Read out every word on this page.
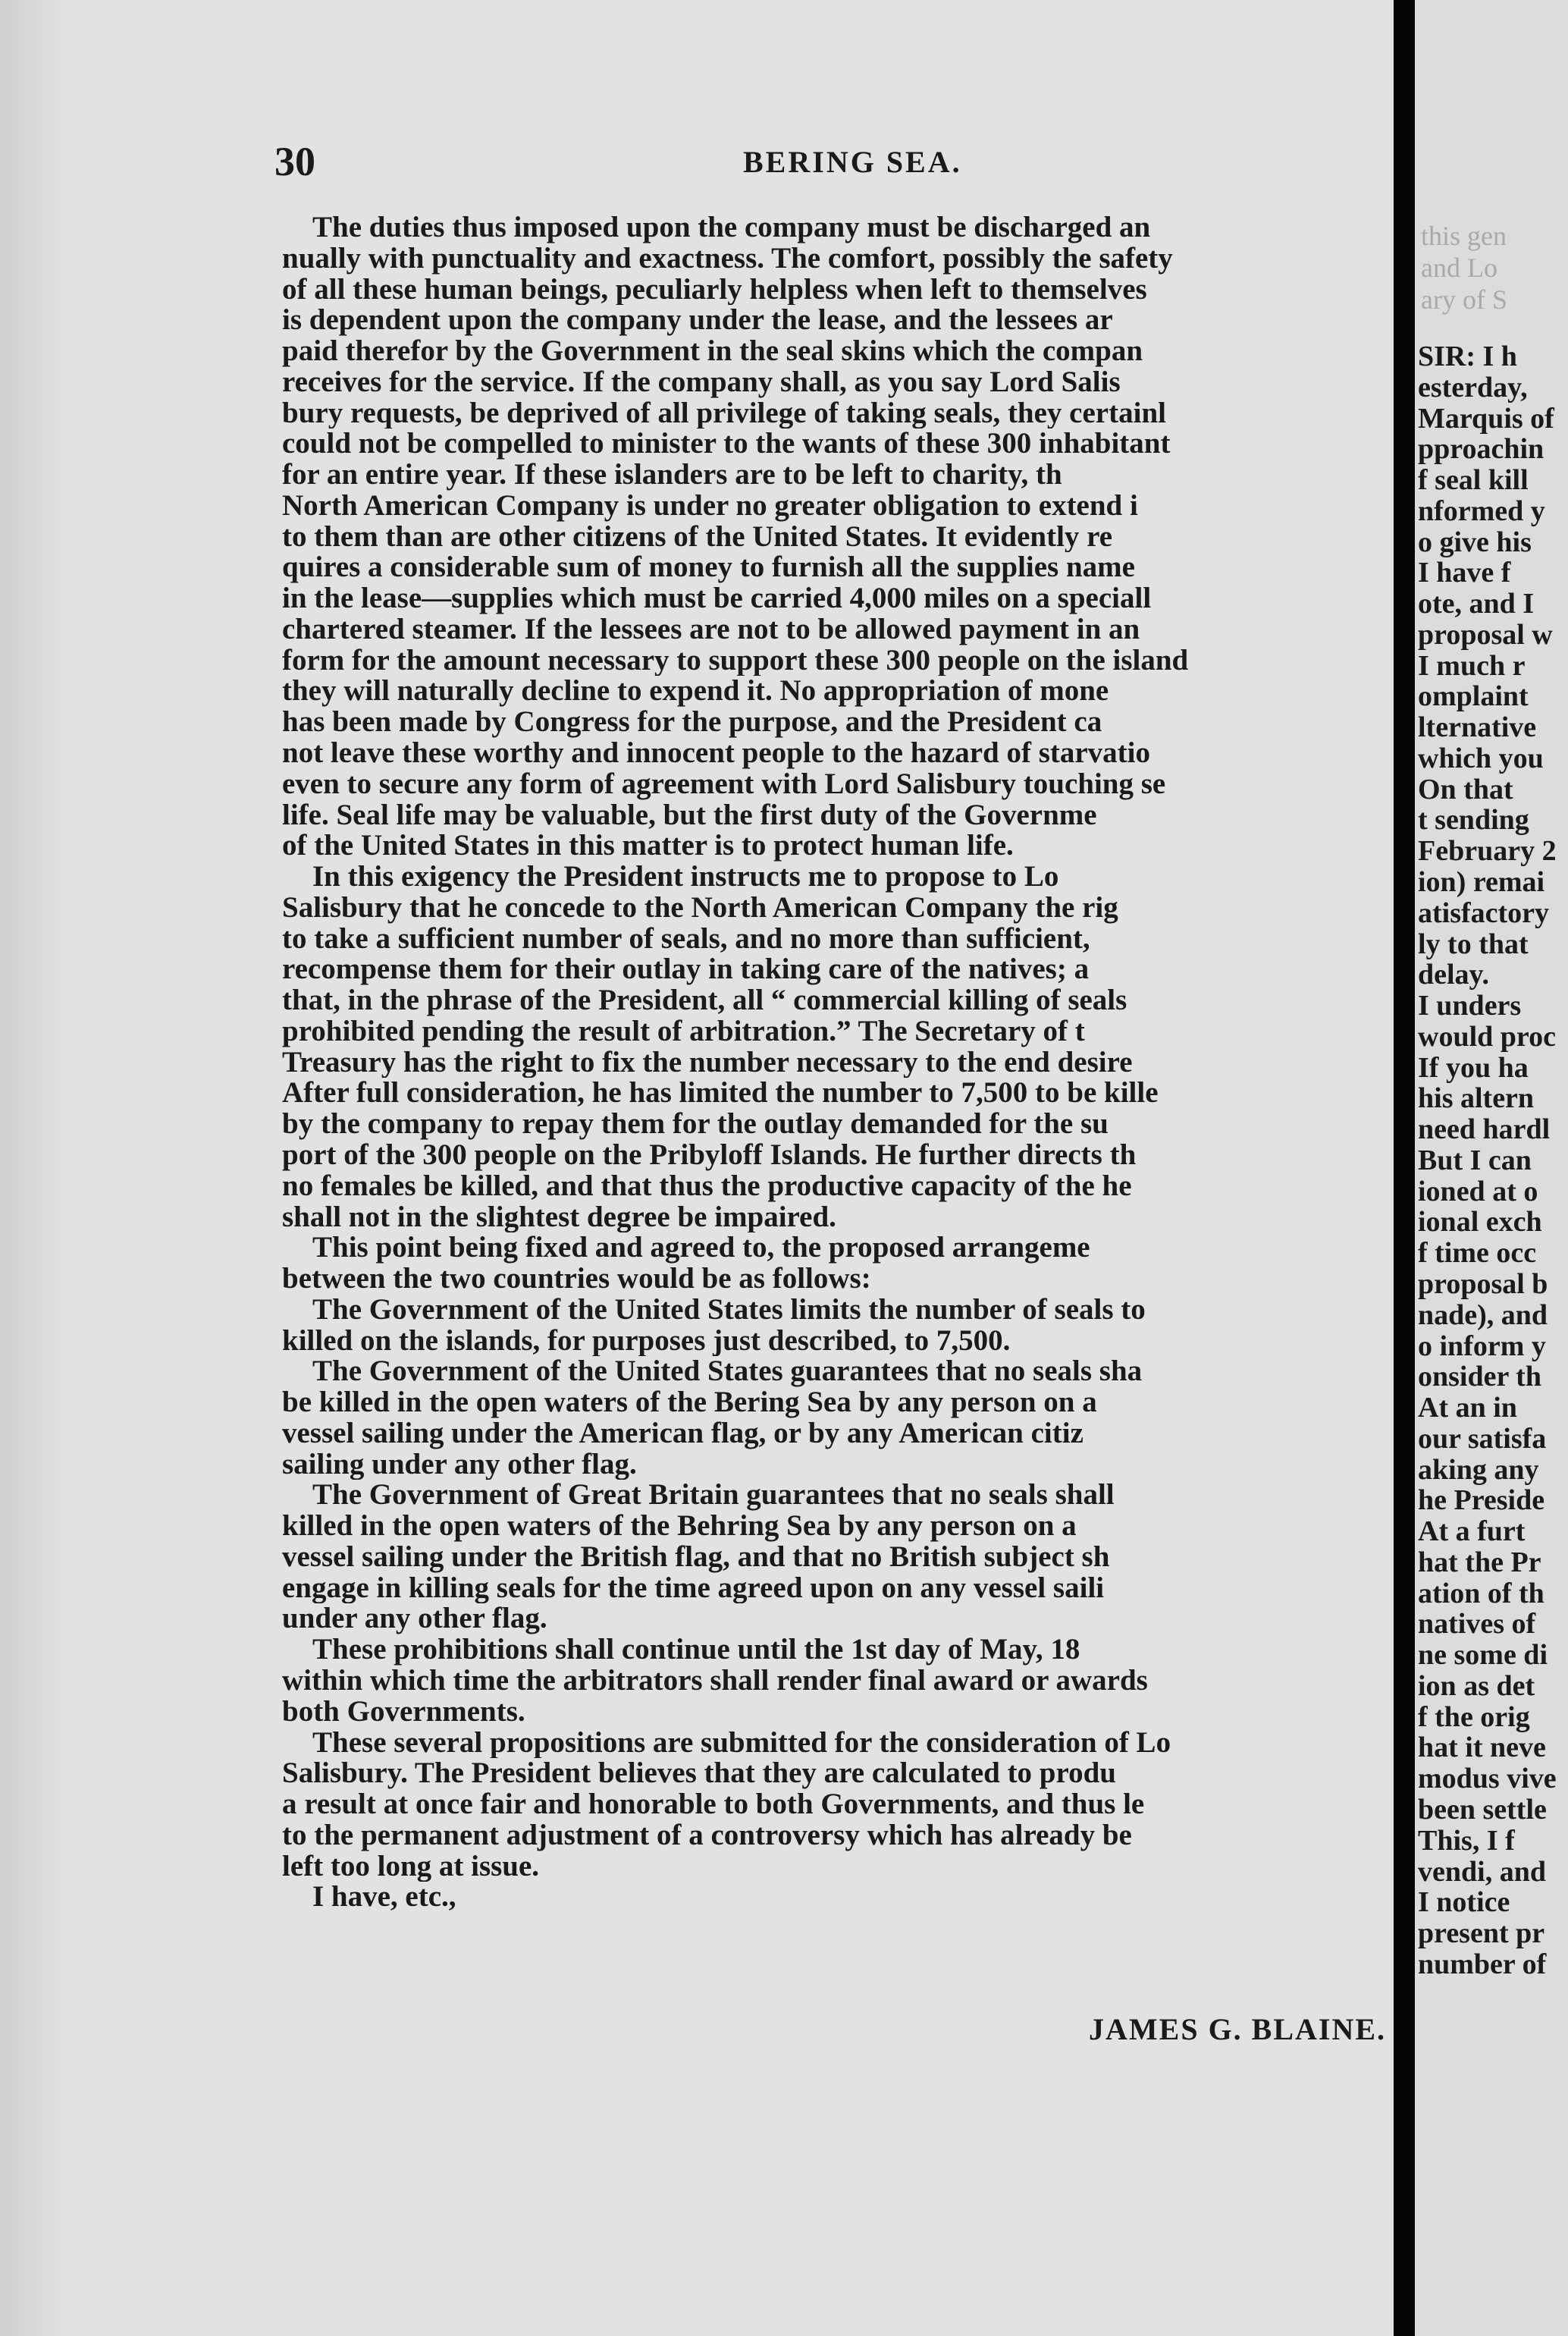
30	BERING SEA.

The duties thus imposed upon the company must be discharged an
nually with punctuality and exactness. The comfort, possibly the safety
of all these human beings, peculiarly helpless when left to themselves
is dependent upon the company under the lease, and the lessees ar
paid therefor by the Government in the seal skins which the compan
receives for the service. If the company shall, as you say Lord Salis
bury requests, be deprived of all privilege of taking seals, they certainl
could not be compelled to minister to the wants of these 300 inhabitant
for an entire year. If these islanders are to be left to charity, th
North American Company is under no greater obligation to extend i
to them than are other citizens of the United States. It evidently re
quires a considerable sum of money to furnish all the supplies name
in the lease—supplies which must be carried 4,000 miles on a speciall
chartered steamer. If the lessees are not to be allowed payment in an
form for the amount necessary to support these 300 people on the island
they will naturally decline to expend it. No appropriation of mone
has been made by Congress for the purpose, and the President ca
not leave these worthy and innocent people to the hazard of starvatio
even to secure any form of agreement with Lord Salisbury touching se
life. Seal life may be valuable, but the first duty of the Governme
of the United States in this matter is to protect human life.
In this exigency the President instructs me to propose to Lo
Salisbury that he concede to the North American Company the rig
to take a sufficient number of seals, and no more than sufficient,
recompense them for their outlay in taking care of the natives; a
that, in the phrase of the President, all “ commercial killing of seals
prohibited pending the result of arbitration.” The Secretary of t
Treasury has the right to fix the number necessary to the end desire
After full consideration, he has limited the number to 7,500 to be kille
by the company to repay them for the outlay demanded for the su
port of the 300 people on the Pribyloff Islands. He further directs th
no females be killed, and that thus the productive capacity of the he
shall not in the slightest degree be impaired.
This point being fixed and agreed to, the proposed arrangeme
between the two countries would be as follows:
The Government of the United States limits the number of seals to
killed on the islands, for purposes just described, to 7,500.
The Government of the United States guarantees that no seals sha
be killed in the open waters of the Bering Sea by any person on a
vessel sailing under the American flag, or by any American citiz
sailing under any other flag.
The Government of Great Britain guarantees that no seals shall
killed in the open waters of the Behring Sea by any person on a
vessel sailing under the British flag, and that no British subject sh
engage in killing seals for the time agreed upon on any vessel saili
under any other flag.
These prohibitions shall continue until the 1st day of May, 18
within which time the arbitrators shall render final award or awards
both Governments.
These several propositions are submitted for the consideration of Lo
Salisbury. The President believes that they are calculated to produ
a result at once fair and honorable to both Governments, and thus le
to the permanent adjustment of a controversy which has already be
left too long at issue.
I have, etc.,

JAMES G. BLAINE.

this gen
and Lo
ary of S
SIR: I h
esterday,
Marquis of
pproachin
f seal kill
nformed y
o give his
I have f
ote, and I
proposal w
I much r
omplaint
lternative
which you
On that
t sending
February 2
ion) remai
atisfactory
ly to that
delay.
I unders
would proc
If you ha
his altern
need hardl
But I can
ioned at o
ional exch
f time occ
proposal b
nade), and
o inform y
onsider th
At an in
our satisfa
aking any
he Preside
At a furt
hat the Pr
ation of th
natives of
ne some di
ion as det
f the orig
hat it neve
modus vive
been settle
This, I f
vendi, and
I notice
present pr
number of
